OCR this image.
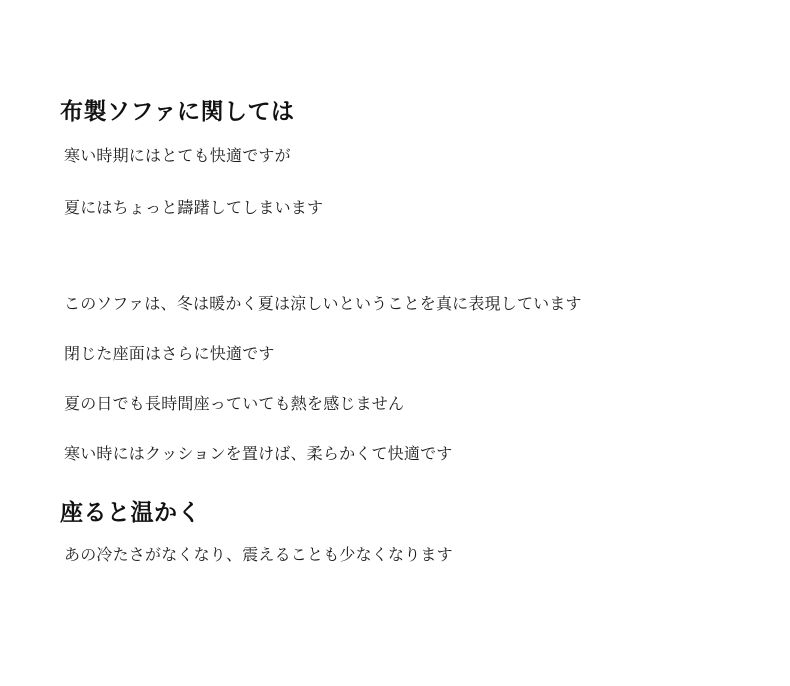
布製ソファに関しては

寒い時期にはとても快適ですが

夏にはちょっと躊躇してしまいます

このソファは、冬は暖かく夏は涼しいということを真に表現しています

閉じた座面はさらに快適です

夏の日でも長時間座っていても熱を感じません

寒い時にはクッションを置けば、柔らかくて快適です

座ると温かく

あの冷たさがなくなり、震えることも少なくなります
